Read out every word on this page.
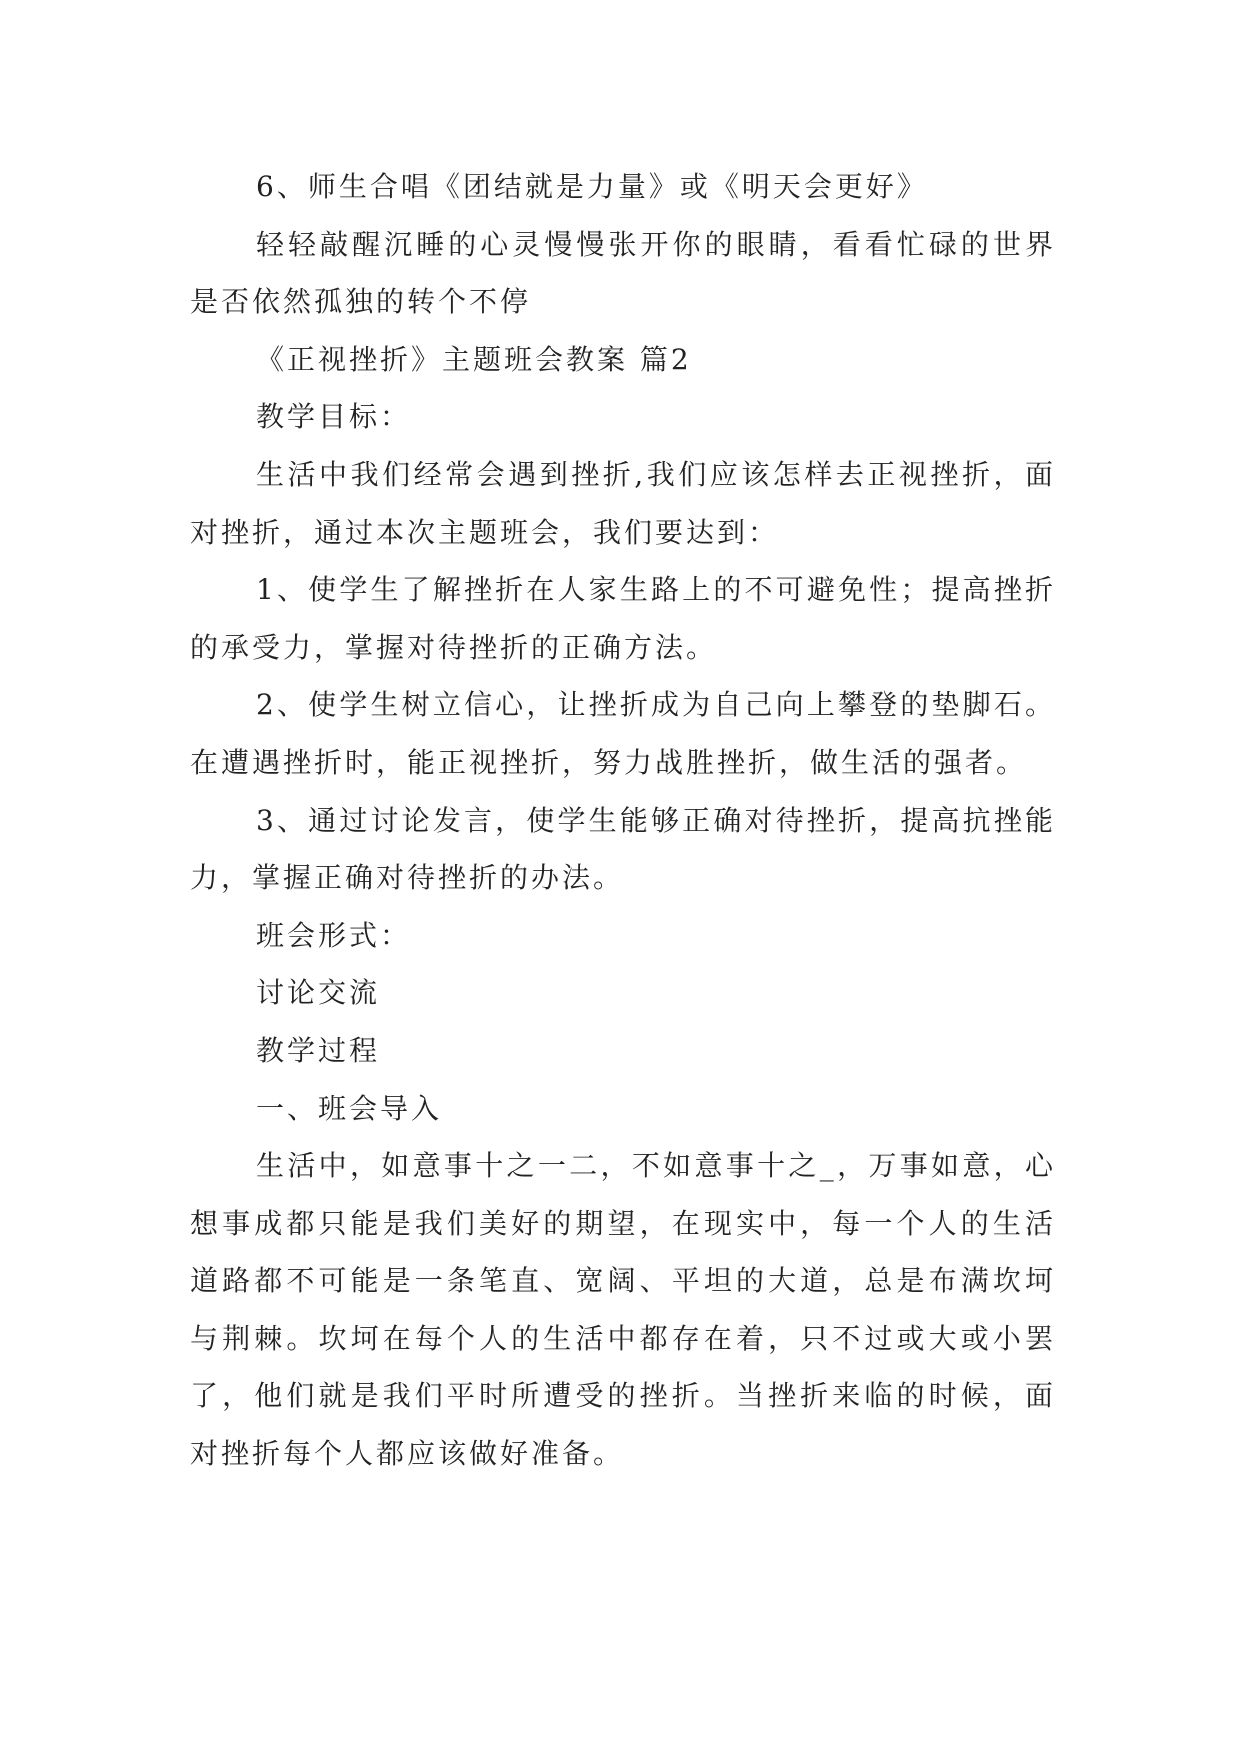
6、师生合唱《团结就是力量》或《明天会更好》

轻轻敲醒沉睡的心灵慢慢张开你的眼睛，看看忙碌的世界是否依然孤独的转个不停

《正视挫折》主题班会教案 篇2

教学目标：

生活中我们经常会遇到挫折,我们应该怎样去正视挫折，面对挫折，通过本次主题班会，我们要达到：

1、使学生了解挫折在人家生路上的不可避免性；提高挫折的承受力，掌握对待挫折的正确方法。

2、使学生树立信心，让挫折成为自己向上攀登的垫脚石。在遭遇挫折时，能正视挫折，努力战胜挫折，做生活的强者。

3、通过讨论发言，使学生能够正确对待挫折，提高抗挫能力，掌握正确对待挫折的办法。

班会形式：

讨论交流

教学过程

一、班会导入

生活中，如意事十之一二，不如意事十之_，万事如意，心想事成都只能是我们美好的期望，在现实中，每一个人的生活道路都不可能是一条笔直、宽阔、平坦的大道，总是布满坎坷与荆棘。坎坷在每个人的生活中都存在着，只不过或大或小罢了，他们就是我们平时所遭受的挫折。当挫折来临的时候，面对挫折每个人都应该做好准备。
